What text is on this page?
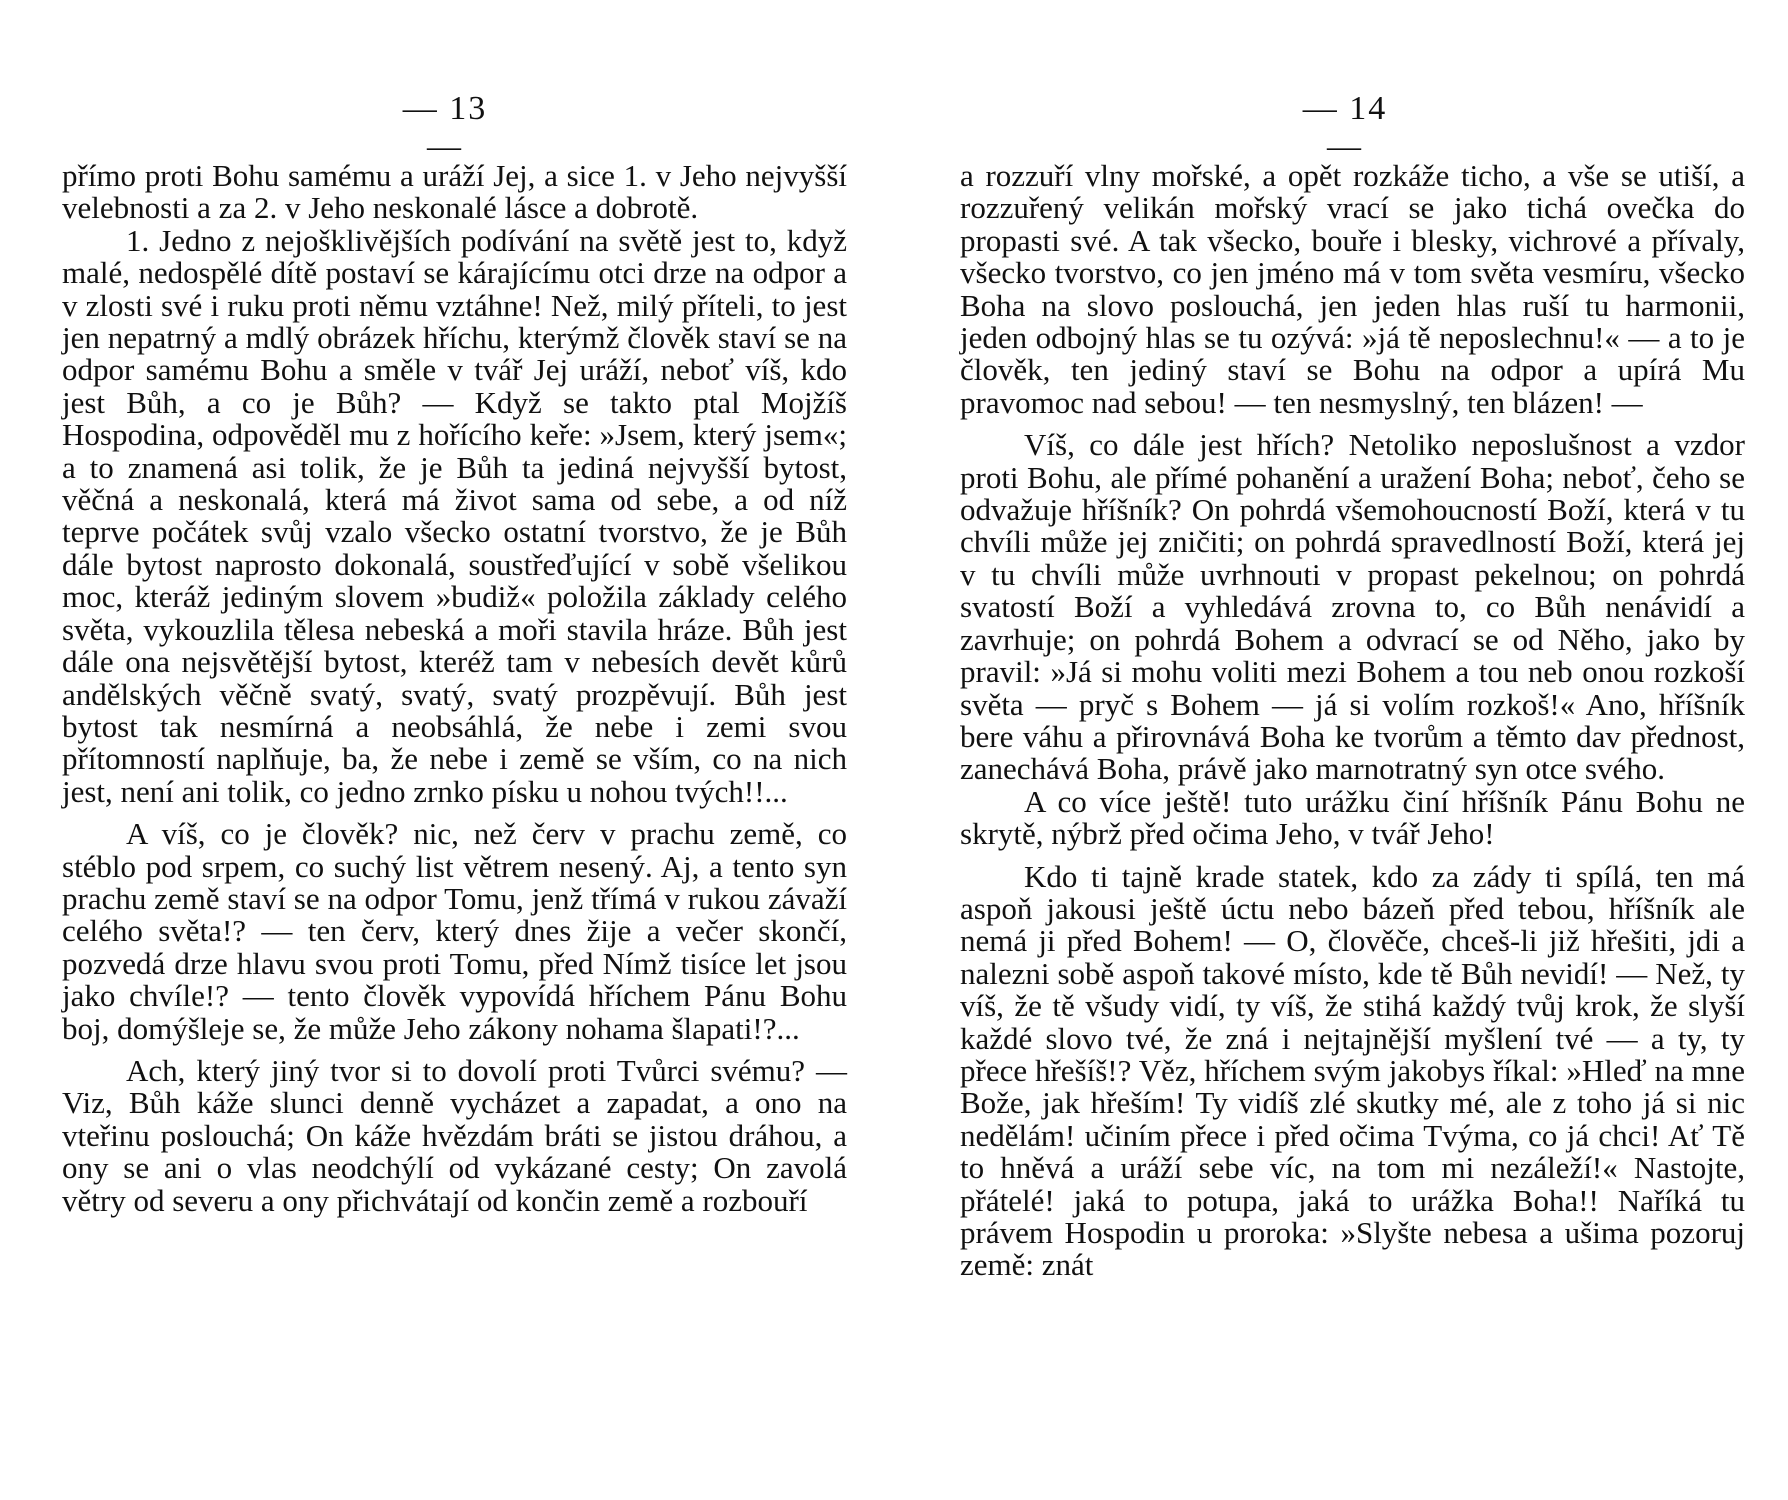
— 13 —

přímo proti Bohu samému a uráží Jej, a sice 1. v Jeho nejvyšší velebnosti a za 2. v Jeho neskonalé lásce a dobrotě.

1. Jedno z nejošklivějších podívání na světě jest to, když malé, nedospělé dítě postaví se kárajícímu otci drze na odpor a v zlosti své i ruku proti němu vztáhne! Než, milý příteli, to jest jen nepatrný a mdlý obrázek hříchu, kterýmž člověk staví se na odpor samému Bohu a směle v tvář Jej uráží, neboť víš, kdo jest Bůh, a co je Bůh? — Když se takto ptal Mojžíš Hospodina, odpověděl mu z hořícího keře: »Jsem, který jsem«; a to znamená asi tolik, že je Bůh ta jediná nejvyšší bytost, věčná a neskonalá, která má život sama od sebe, a od níž teprve počátek svůj vzalo všecko ostatní tvorstvo, že je Bůh dále bytost naprosto dokonalá, soustřeďující v sobě všelikou moc, kteráž jediným slovem »budiž« položila základy celého světa, vykouzlila tělesa nebeská a moři stavila hráze. Bůh jest dále ona nejsvětější bytost, kteréž tam v nebesích devět kůrů andělských věčně svatý, svatý, svatý prozpěvují. Bůh jest bytost tak nesmírná a neobsáhlá, že nebe i zemi svou přítomností naplňuje, ba, že nebe i země se vším, co na nich jest, není ani tolik, co jedno zrnko písku u nohou tvých!!...

A víš, co je člověk? nic, než červ v prachu země, co stéblo pod srpem, co suchý list větrem nesený. Aj, a tento syn prachu země staví se na odpor Tomu, jenž třímá v rukou závaží celého světa!? — ten červ, který dnes žije a večer skončí, pozvedá drze hlavu svou proti Tomu, před Nímž tisíce let jsou jako chvíle!? — tento člověk vypovídá hříchem Pánu Bohu boj, domýšleje se, že může Jeho zákony nohama šlapati!?...

Ach, který jiný tvor si to dovolí proti Tvůrci svému? — Viz, Bůh káže slunci denně vycházet a zapadat, a ono na vteřinu poslouchá; On káže hvězdám bráti se jistou dráhou, a ony se ani o vlas neodchýlí od vykázané cesty; On zavolá větry od severu a ony přichvátají od končin země a rozbouří

— 14 —

a rozzuří vlny mořské, a opět rozkáže ticho, a vše se utiší, a rozzuřený velikán mořský vrací se jako tichá ovečka do propasti své. A tak všecko, bouře i blesky, vichrové a přívaly, všecko tvorstvo, co jen jméno má v tom světa vesmíru, všecko Boha na slovo poslouchá, jen jeden hlas ruší tu harmonii, jeden odbojný hlas se tu ozývá: »já tě neposlechnu!« — a to je člověk, ten jediný staví se Bohu na odpor a upírá Mu pravomoc nad sebou! — ten nesmyslný, ten blázen! —

Víš, co dále jest hřích? Netoliko neposlušnost a vzdor proti Bohu, ale přímé pohanění a uražení Boha; neboť, čeho se odvažuje hříšník? On pohrdá všemohoucností Boží, která v tu chvíli může jej zničiti; on pohrdá spravedlností Boží, která jej v tu chvíli může uvrhnouti v propast pekelnou; on pohrdá svatostí Boží a vyhledává zrovna to, co Bůh nenávidí a zavrhuje; on pohrdá Bohem a odvrací se od Něho, jako by pravil: »Já si mohu voliti mezi Bohem a tou neb onou rozkoší světa — pryč s Bohem — já si volím rozkoš!« Ano, hříšník bere váhu a přirovnává Boha ke tvorům a těmto dav přednost, zanechává Boha, právě jako marnotratný syn otce svého.

A co více ještě! tuto urážku činí hříšník Pánu Bohu ne skrytě, nýbrž před očima Jeho, v tvář Jeho!

Kdo ti tajně krade statek, kdo za zády ti spílá, ten má aspoň jakousi ještě úctu nebo bázeň před tebou, hříšník ale nemá ji před Bohem! — O, člověče, chceš-li již hřešiti, jdi a nalezni sobě aspoň takové místo, kde tě Bůh nevidí! — Než, ty víš, že tě všudy vidí, ty víš, že stihá každý tvůj krok, že slyší každé slovo tvé, že zná i nejtajnější myšlení tvé — a ty, ty přece hřešíš!? Věz, hříchem svým jakobys říkal: »Hleď na mne Bože, jak hřeším! Ty vidíš zlé skutky mé, ale z toho já si nic nedělám! učiním přece i před očima Tvýma, co já chci! Ať Tě to hněvá a uráží sebe víc, na tom mi nezáleží!« Nastojte, přátelé! jaká to potupa, jaká to urážka Boha!! Naříká tu právem Hospodin u proroka: »Slyšte nebesa a ušima pozoruj země: znát
